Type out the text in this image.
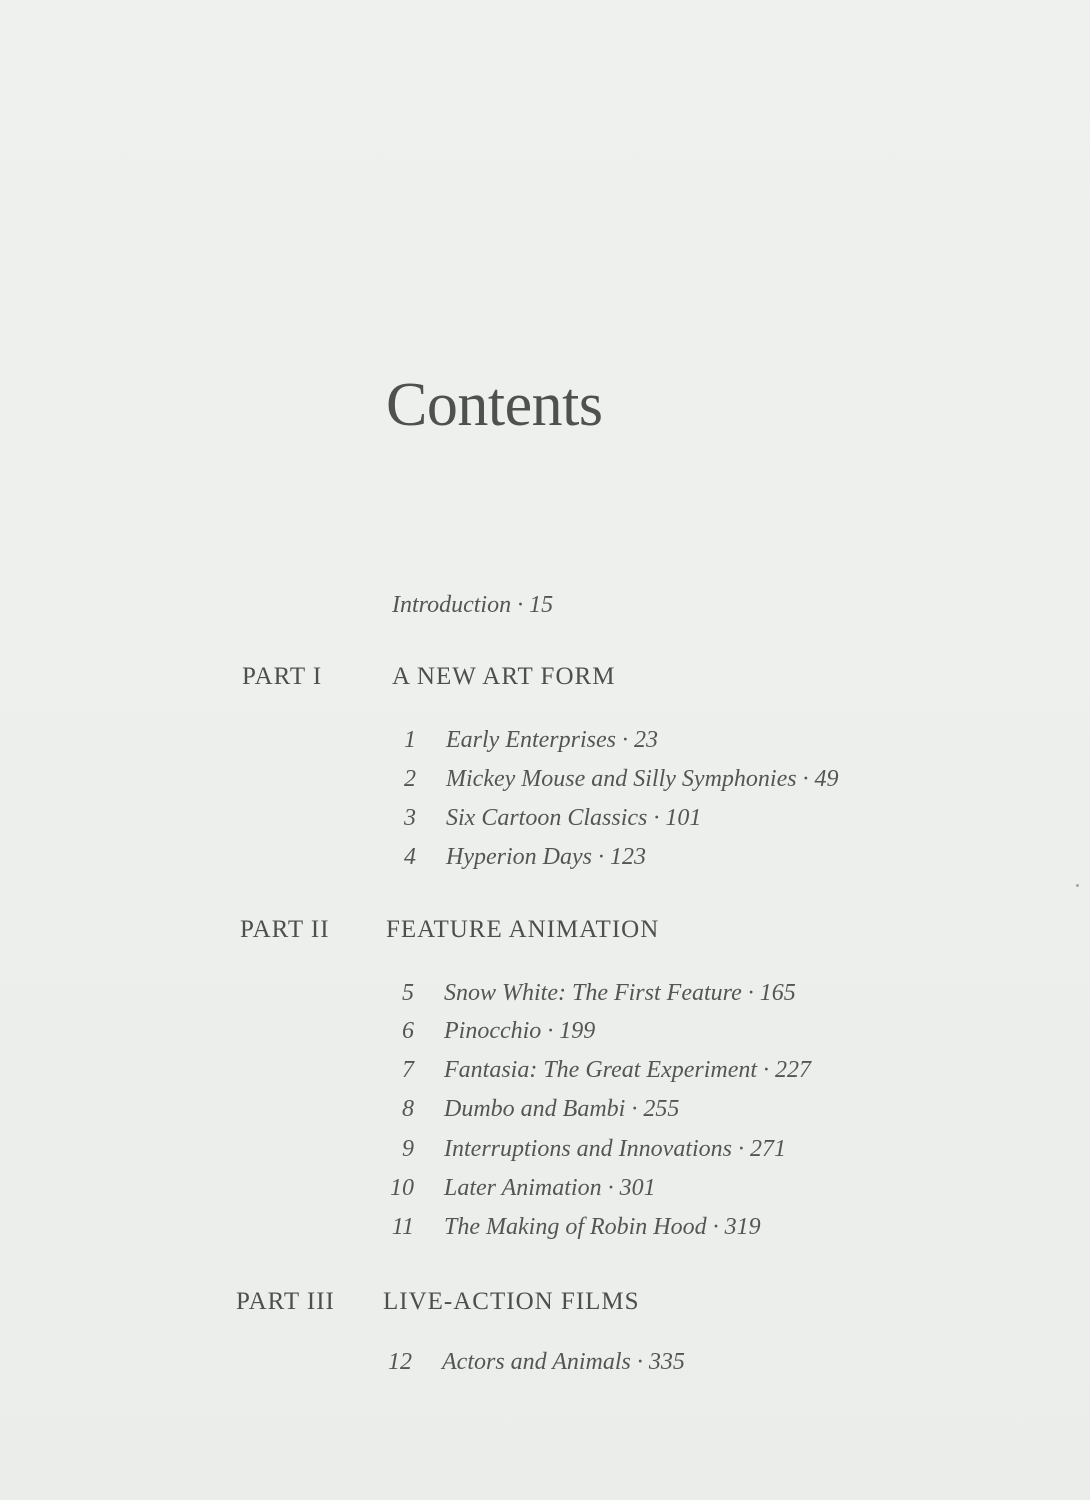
Contents
Introduction · 15
PART I	A NEW ART FORM
1 Early Enterprises · 23
2 Mickey Mouse and Silly Symphonies · 49
3 Six Cartoon Classics · 101
4 Hyperion Days · 123
PART II FEATURE ANIMATION
5 Snow White: The First Feature · 165
6 Pinocchio · 199
7 Fantasia: The Great Experiment · 227
8 Dumbo and Bambi · 255
9 Interruptions and Innovations · 271
10 Later Animation · 301
11 The Making of Robin Hood · 319
PART III LIVE-ACTION FILMS
12 Actors and Animals · 335
